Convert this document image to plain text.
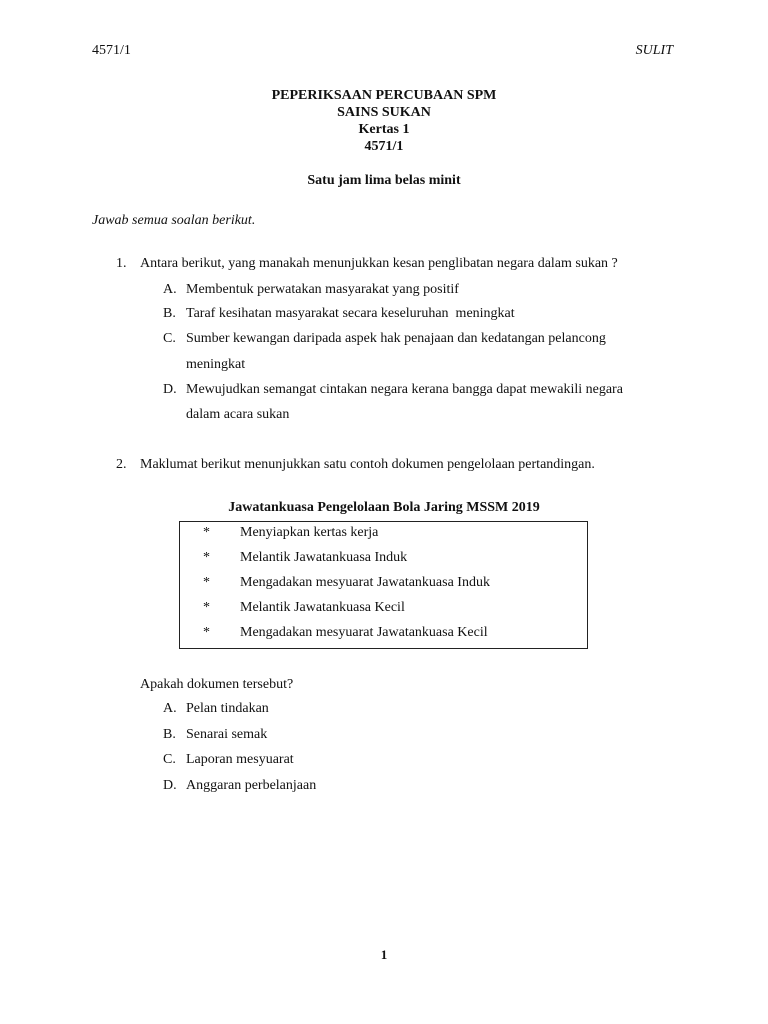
4571/1	SULIT
PEPERIKSAAN PERCUBAAN SPM
SAINS SUKAN
Kertas 1
4571/1
Satu jam lima belas minit
Jawab semua soalan berikut.
1. Antara berikut, yang manakah menunjukkan kesan penglibatan negara dalam sukan ?
A. Membentuk perwatakan masyarakat yang positif
B. Taraf kesihatan masyarakat secara keseluruhan  meningkat
C. Sumber kewangan daripada aspek hak penajaan dan kedatangan pelancong
meningkat
D. Mewujudkan semangat cintakan negara kerana bangga dapat mewakili negara
dalam acara sukan
2. Maklumat berikut menunjukkan satu contoh dokumen pengelolaan pertandingan.
Jawatankuasa Pengelolaan Bola Jaring MSSM 2019
* Menyiapkan kertas kerja
* Melantik Jawatankuasa Induk
* Mengadakan mesyuarat Jawatankuasa Induk
* Melantik Jawatankuasa Kecil
* Mengadakan mesyuarat Jawatankuasa Kecil
Apakah dokumen tersebut?
A. Pelan tindakan
B. Senarai semak
C. Laporan mesyuarat
D. Anggaran perbelanjaan
1
